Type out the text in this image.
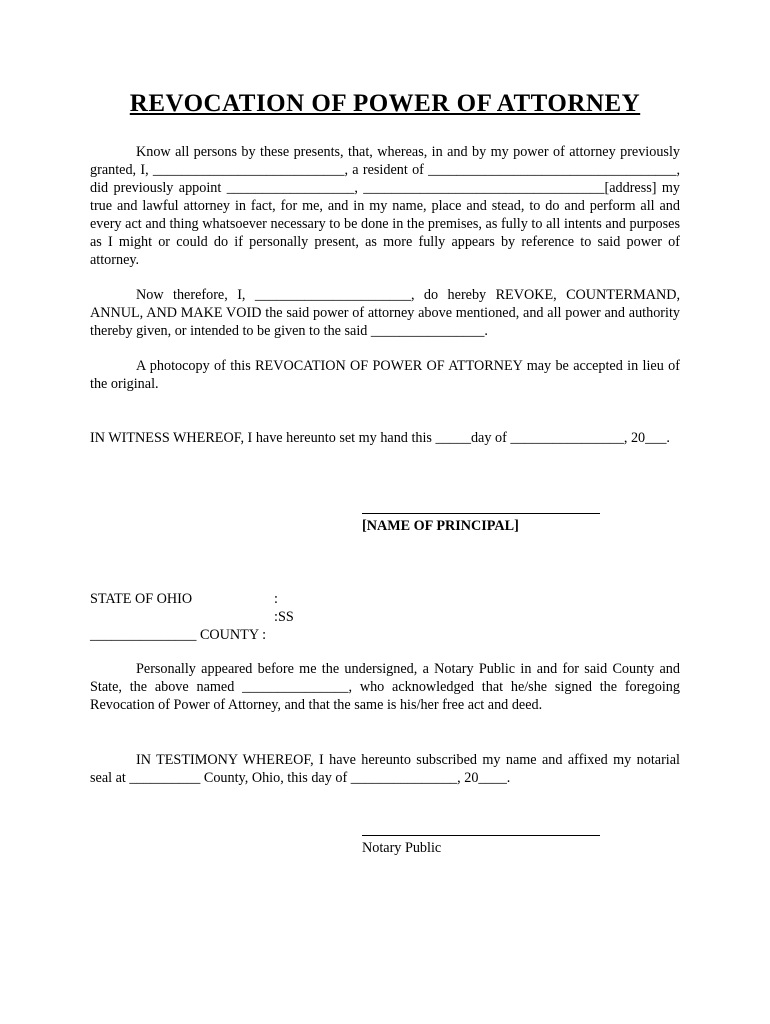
REVOCATION OF POWER OF ATTORNEY

Know all persons by these presents, that, whereas, in and by my power of attorney previously granted, I, ___________________________, a resident of ___________________________________, did previously appoint __________________, __________________________________[address] my true and lawful attorney in fact, for me, and in my name, place and stead, to do and perform all and every act and thing whatsoever necessary to be done in the premises, as fully to all intents and purposes as I might or could do if personally present, as more fully appears by reference to said power of attorney.

Now therefore, I, ______________________, do hereby REVOKE, COUNTERMAND, ANNUL, AND MAKE VOID the said power of attorney above mentioned, and all power and authority thereby given, or intended to be given to the said ________________.

A photocopy of this REVOCATION OF POWER OF ATTORNEY may be accepted in lieu of the original.

IN WITNESS WHEREOF, I have hereunto set my hand this _____day of ________________, 20___.

[NAME OF PRINCIPAL]
STATE OF OHIO	:
:SS
_______________ COUNTY :

Personally appeared before me the undersigned, a Notary Public in and for said County and State, the above named _______________, who acknowledged that he/she signed the foregoing Revocation of Power of Attorney, and that the same is his/her free act and deed.

IN TESTIMONY WHEREOF, I have hereunto subscribed my name and affixed my notarial seal at __________ County, Ohio, this day of _______________, 20____.

Notary Public
